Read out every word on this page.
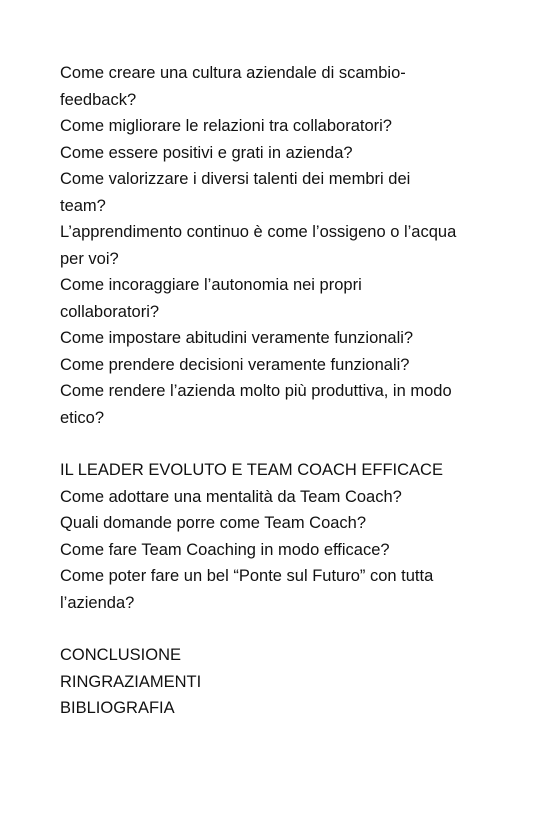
Come creare una cultura aziendale di scambio-
feedback?
Come migliorare le relazioni tra collaboratori?
Come essere positivi e grati in azienda?
Come valorizzare i diversi talenti dei membri dei
team?
L’apprendimento continuo è come l’ossigeno o l’acqua
per voi?
Come incoraggiare l’autonomia nei propri
collaboratori?
Come impostare abitudini veramente funzionali?
Come prendere decisioni veramente funzionali?
Come rendere l’azienda molto più produttiva, in modo
etico?
IL LEADER EVOLUTO E TEAM COACH EFFICACE
Come adottare una mentalità da Team Coach?
Quali domande porre come Team Coach?
Come fare Team Coaching in modo efficace?
Come poter fare un bel “Ponte sul Futuro” con tutta
l’azienda?
CONCLUSIONE
RINGRAZIAMENTI
BIBLIOGRAFIA
